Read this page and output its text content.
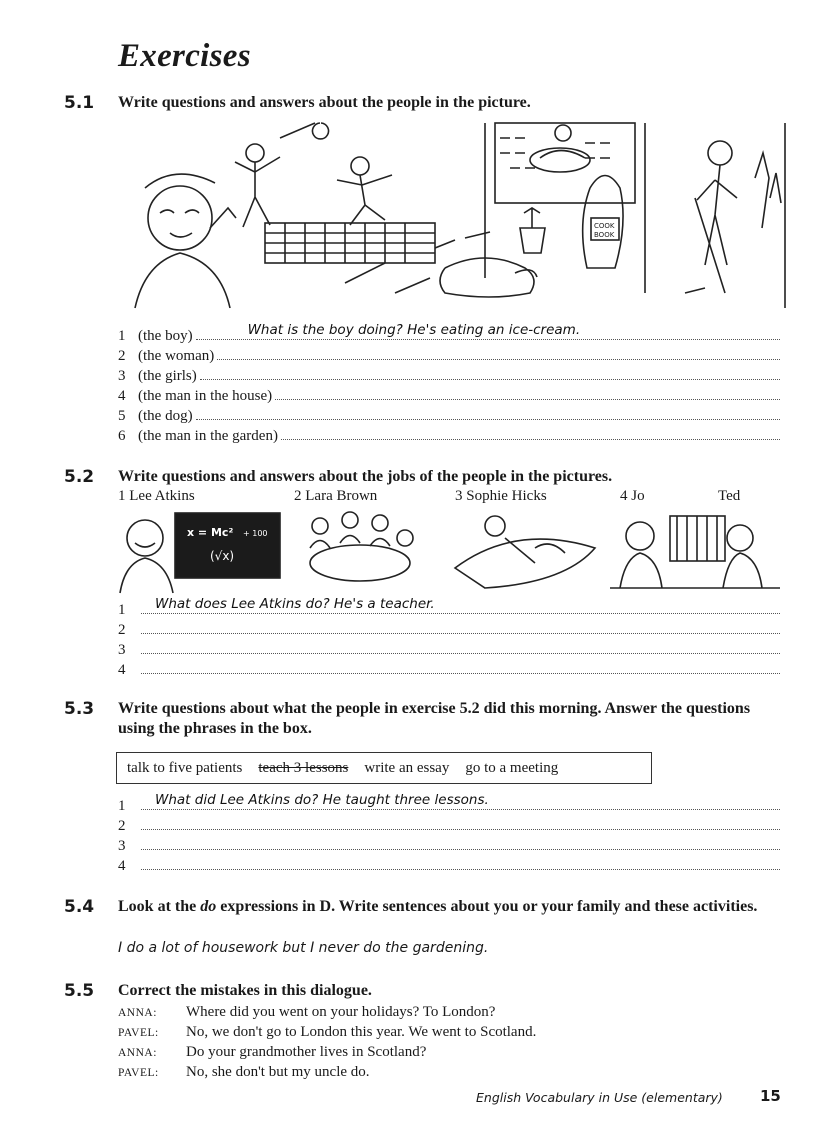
Exercises
5.1 Write questions and answers about the people in the picture.
COOK
BOOK
1 (the boy)	What is the boy doing? He's eating an ice-cream.
2 (the woman)
3 (the girls)
4 (the man in the house)
5 (the dog)
6 (the man in the garden)
5.2 Write questions and answers about the jobs of the people in the pictures.
1 Lee Atkins	2 Lara Brown	3 Sophie Hicks	4 Jo	Ted
x = Mc² + 100
(√x)
1	What does Lee Atkins do? He's a teacher.
2
3
4
5.3 Write questions about what the people in exercise 5.2 did this morning. Answer the questions using the phrases in the box.
talk to five patients teach 3 lessons write an essay go to a meeting
1	What did Lee Atkins do? He taught three lessons.
2
3
4
5.4 Look at the do expressions in D. Write sentences about you or your family and these activities.
I do a lot of housework but I never do the gardening.
5.5 Correct the mistakes in this dialogue.
ANNA: Where did you went on your holidays? To London?
PAVEL: No, we don't go to London this year. We went to Scotland.
ANNA: Do your grandmother lives in Scotland?
PAVEL: No, she don't but my uncle do.
English Vocabulary in Use (elementary) 15
